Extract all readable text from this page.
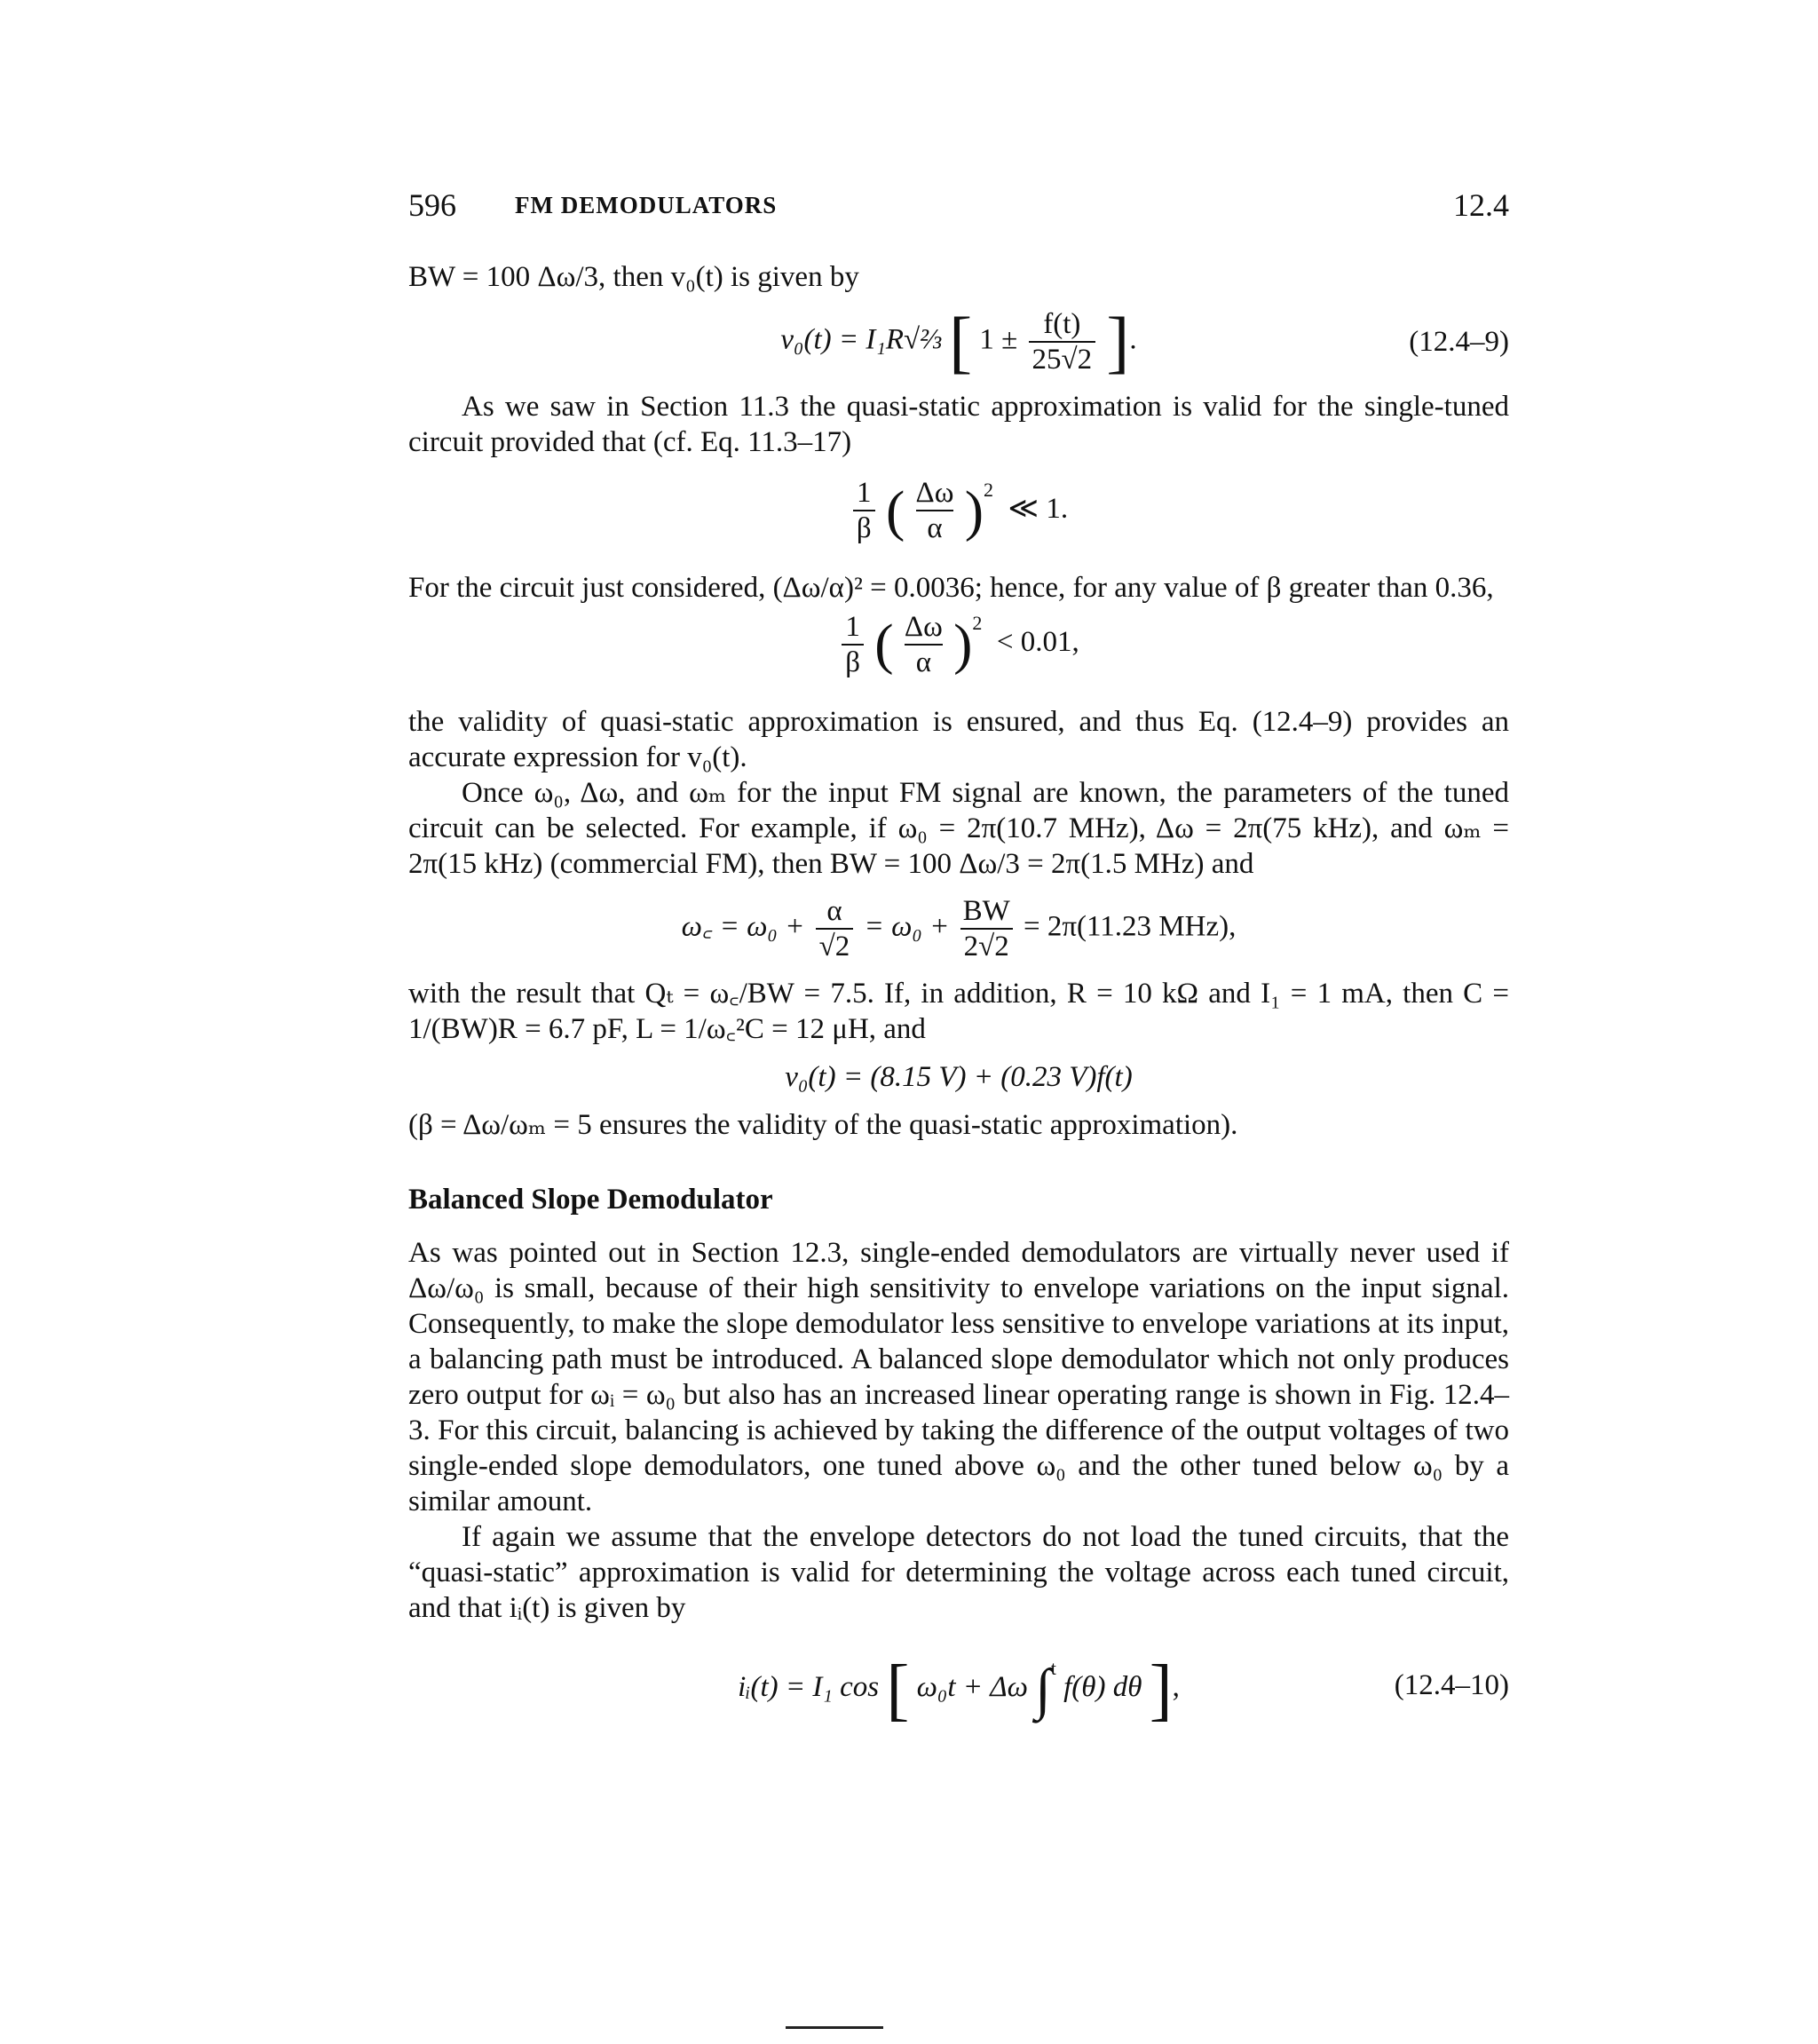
596 FM DEMODULATORS	12.4

BW = 100 Δω/3, then v₀(t) is given by

v₀(t) = I₁R√⅔ [ $1 \pm \frac{f(t)}{25√2}$ ].	(12.4–9)

As we saw in Section 11.3 the quasi-static approximation is valid for the single-tuned circuit provided that (cf. Eq. 11.3–17)

$\frac{1}{\beta}$ ( $\frac{\Delta\omega}{\alpha} )^2$  ≪ 1.

For the circuit just considered, (Δω/α)² = 0.0036; hence, for any value of β greater than 0.36,

$\frac{1}{\beta}$ ( $\frac{\Delta\omega}{\alpha} )^2 < 0.01$,

the validity of quasi-static approximation is ensured, and thus Eq. (12.4–9) provides an accurate expression for v₀(t).

Once ω₀, Δω, and ωₘ for the input FM signal are known, the parameters of the tuned circuit can be selected. For example, if ω₀ = 2π(10.7 MHz), Δω = 2π(75 kHz), and ωₘ = 2π(15 kHz) (commercial FM), then BW = 100 Δω/3 = 2π(1.5 MHz) and

ω꜀ = $\omega_0 + \frac{\alpha}{√2} = \omega_0 + \frac{BW}{2√2} = 2\pi(11.23$ MHz),

with the result that Qₜ = ω꜀/BW = 7.5. If, in addition, R = 10 kΩ and I₁ = 1 mA, then C = 1/(BW)R = 6.7 pF, L = 1/ω꜀²C = 12 μH, and

v₀(t) = (8.15 V) + (0.23 V)f(t)

(β = Δω/ωₘ = 5 ensures the validity of the quasi-static approximation).

Balanced Slope Demodulator

As was pointed out in Section 12.3, single-ended demodulators are virtually never used if Δω/ω₀ is small, because of their high sensitivity to envelope variations on the input signal. Consequently, to make the slope demodulator less sensitive to envelope variations at its input, a balancing path must be introduced. A balanced slope demodulator which not only produces zero output for ωᵢ = ω₀ but also has an increased linear operating range is shown in Fig. 12.4–3. For this circuit, balancing is achieved by taking the difference of the output voltages of two single-ended slope demodulators, one tuned above ω₀ and the other tuned below ω₀ by a similar amount.

If again we assume that the envelope detectors do not load the tuned circuits, that the “quasi-static” approximation is valid for determining the voltage across each tuned circuit, and that iᵢ(t) is given by

iᵢ(t) = I₁ cos [ ω₀t + Δω ∫$^t$ f(θ) dθ ],	(12.4–10)
